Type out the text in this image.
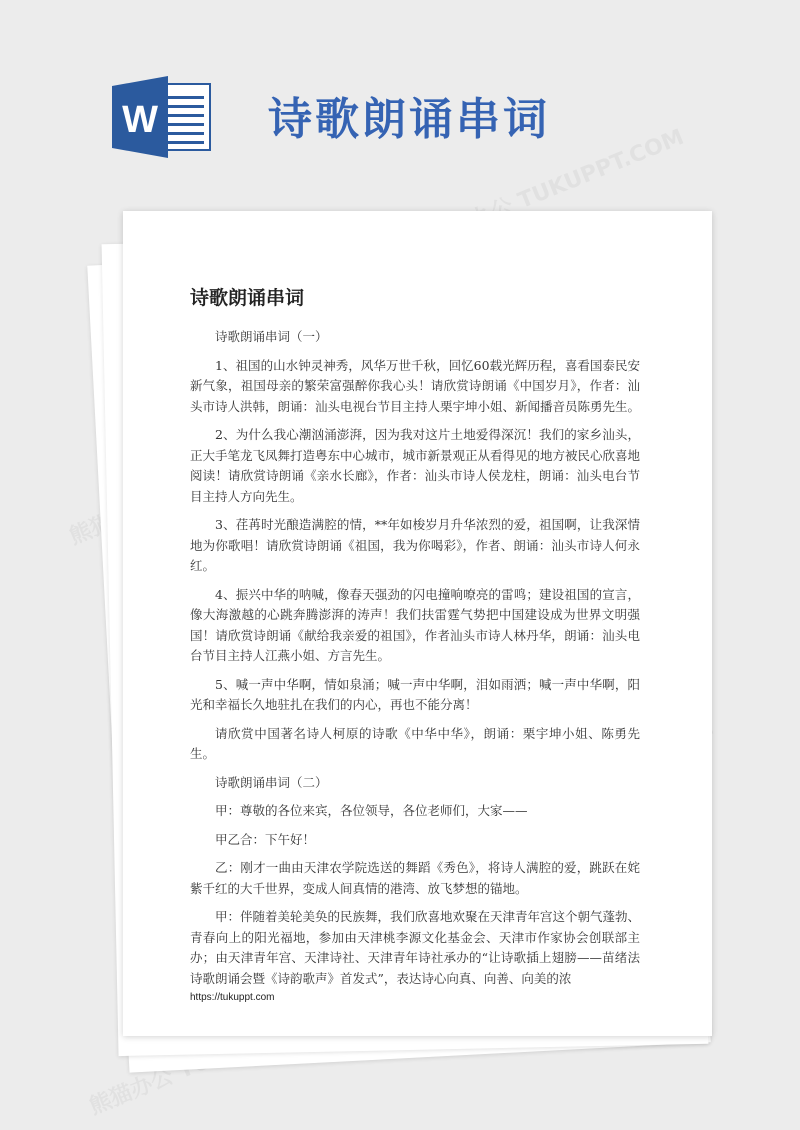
W	诗歌朗诵串词
诗歌朗诵串词

诗歌朗诵串词（一）

1、祖国的山水钟灵神秀，风华万世千秋，回忆60载光辉历程，喜看国泰民安新气象，祖国母亲的繁荣富强醉你我心头！请欣赏诗朗诵《中国岁月》，作者：汕头市诗人洪韩，朗诵：汕头电视台节目主持人栗宇坤小姐、新闻播音员陈勇先生。

2、为什么我心潮汹涌澎湃，因为我对这片土地爱得深沉！我们的家乡汕头，正大手笔龙飞凤舞打造粤东中心城市，城市新景观正从看得见的地方被民心欣喜地阅读！请欣赏诗朗诵《亲水长廊》，作者：汕头市诗人侯龙柱，朗诵：汕头电台节目主持人方向先生。

3、荏苒时光酿造满腔的情，**年如梭岁月升华浓烈的爱，祖国啊，让我深情地为你歌唱！请欣赏诗朗诵《祖国，我为你喝彩》，作者、朗诵：汕头市诗人何永红。

4、振兴中华的呐喊，像春天强劲的闪电撞响嘹亮的雷鸣；建设祖国的宣言，像大海激越的心跳奔腾澎湃的涛声！我们扶雷霆气势把中国建设成为世界文明强国！请欣赏诗朗诵《献给我亲爱的祖国》，作者汕头市诗人林丹华，朗诵：汕头电台节目主持人江燕小姐、方言先生。

5、喊一声中华啊，情如泉涌；喊一声中华啊，泪如雨洒；喊一声中华啊，阳光和幸福长久地驻扎在我们的内心，再也不能分离！

请欣赏中国著名诗人柯原的诗歌《中华中华》，朗诵：栗宇坤小姐、陈勇先生。

诗歌朗诵串词（二）

甲：尊敬的各位来宾，各位领导，各位老师们，大家——

甲乙合：下午好！

乙：刚才一曲由天津农学院选送的舞蹈《秀色》，将诗人满腔的爱，跳跃在姹紫千红的大千世界，变成人间真情的港湾、放飞梦想的锚地。

甲：伴随着美轮美奂的民族舞，我们欣喜地欢聚在天津青年宫这个朝气蓬勃、青春向上的阳光福地，参加由天津桃李源文化基金会、天津市作家协会创联部主办；由天津青年宫、天津诗社、天津青年诗社承办的“让诗歌插上翅膀——苗绪法诗歌朗诵会暨《诗韵歌声》首发式”，表达诗心向真、向善、向美的浓

https://tukuppt.com
